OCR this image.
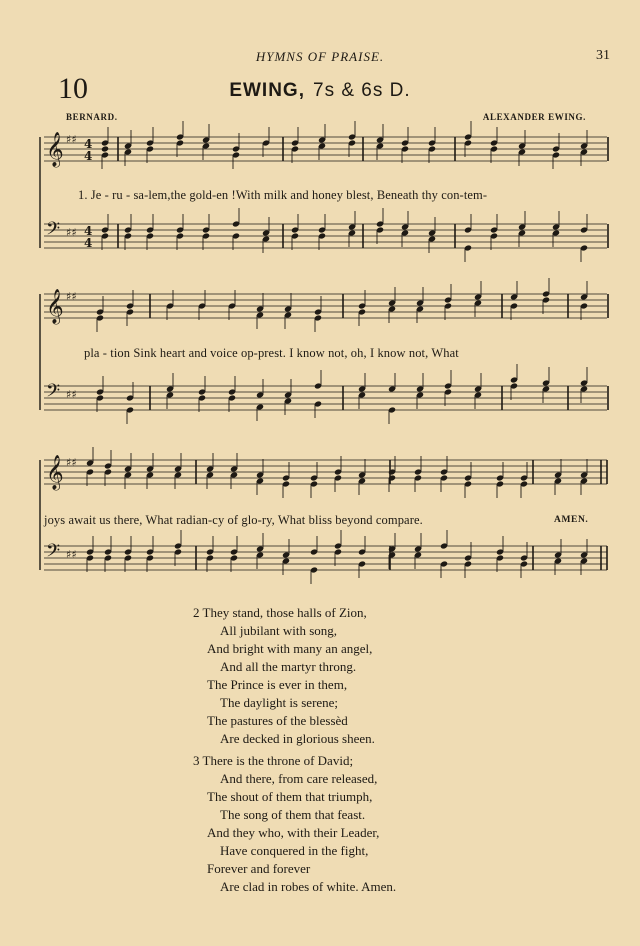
HYMNS OF PRAISE.	31
10	EWING, 7s & 6s D.
BERNARD.	ALEXANDER EWING.
𝄞 ♯♯ 4
4
𝄢 ♯♯ 4
4
𝄞 ♯♯
𝄢 ♯♯
𝄞 ♯♯
𝄢 ♯♯
1. Je - ru - sa-lem,the gold-en !With milk and honey blest, Beneath thy con-tem-
pla - tion Sink heart and voice op-prest. I know not, oh, I know not, What
joys await us there, What radian-cy of glo-ry, What bliss beyond compare.	AMEN.
2 They stand, those halls of Zion,
All jubilant with song,
And bright with many an angel,
And all the martyr throng.
The Prince is ever in them,
The daylight is serene;
The pastures of the blessèd
Are decked in glorious sheen.
3 There is the throne of David;
And there, from care released,
The shout of them that triumph,
The song of them that feast.
And they who, with their Leader,
Have conquered in the fight,
Forever and forever
Are clad in robes of white. Amen.
